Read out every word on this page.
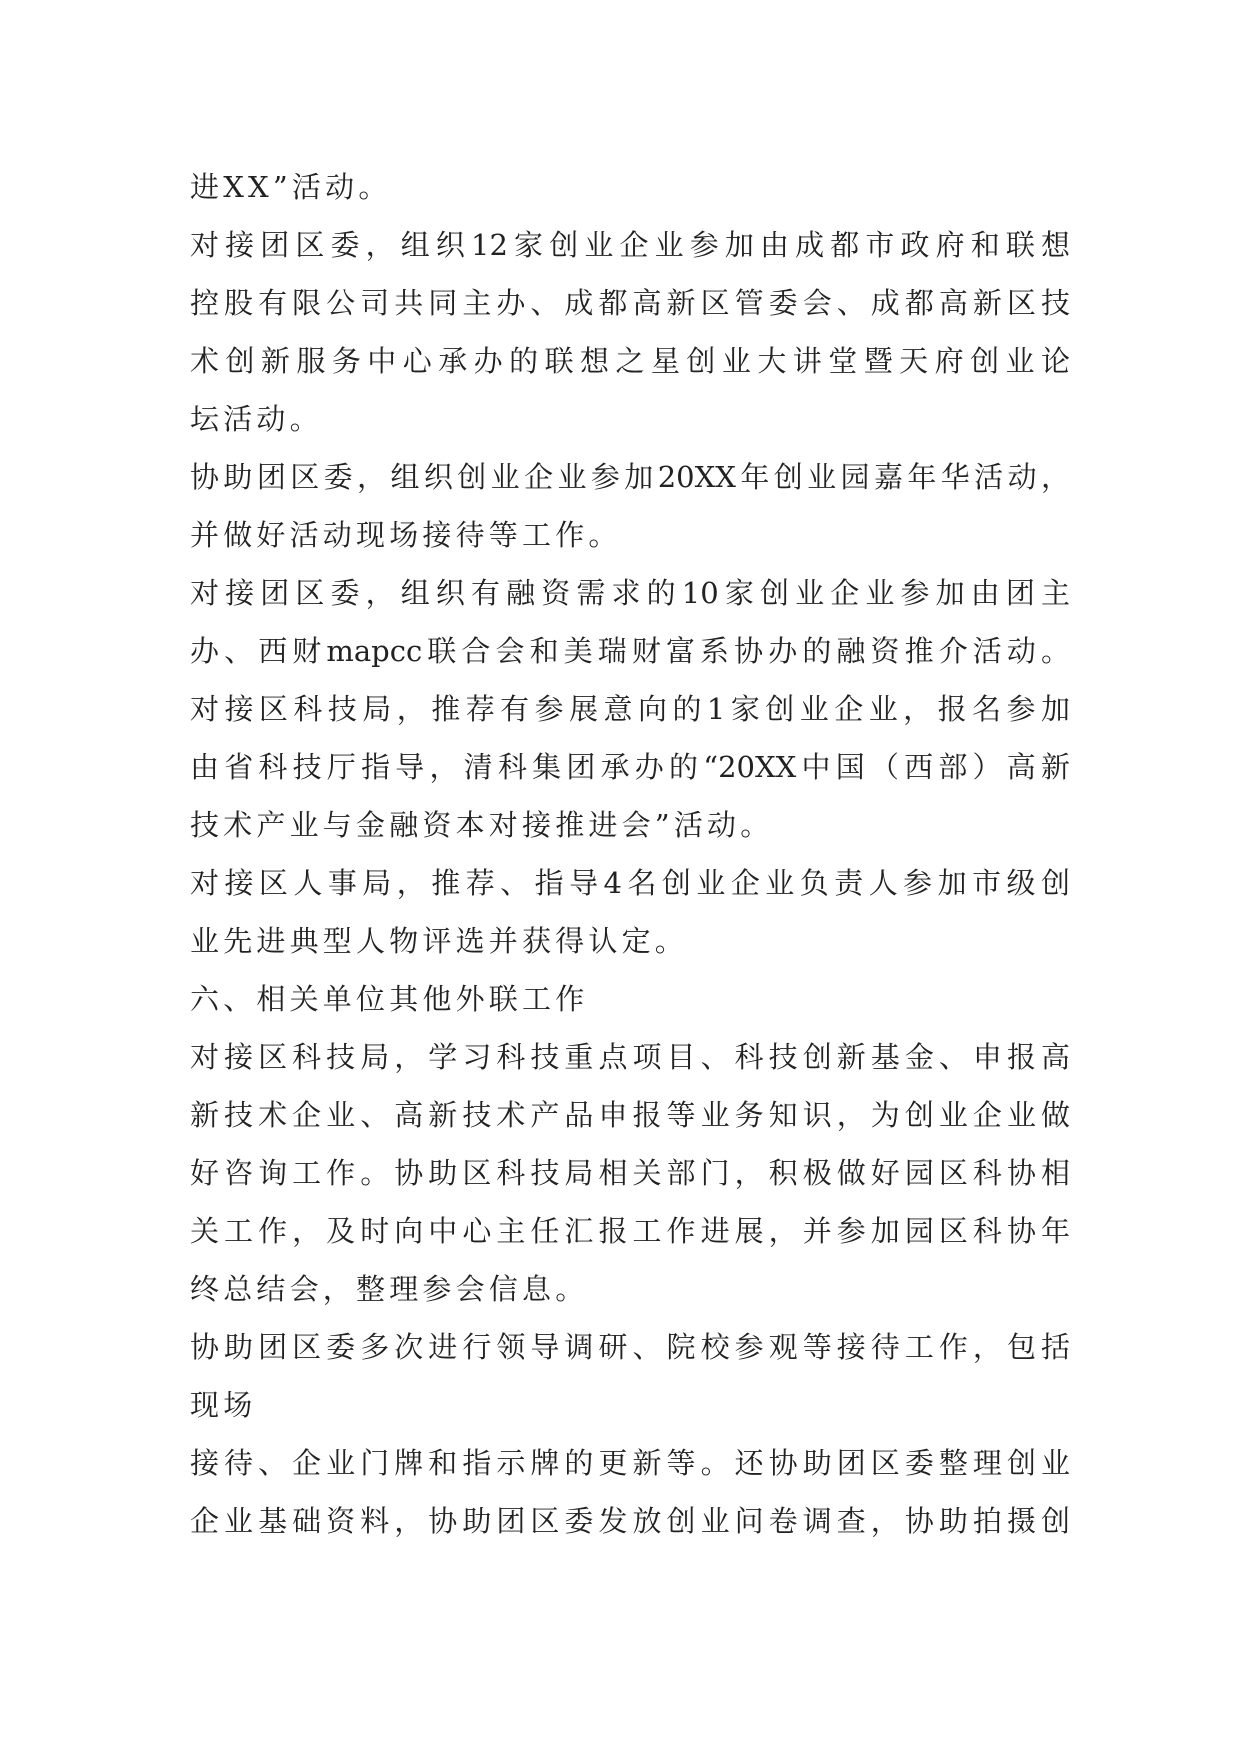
进XX”活动。
对接团区委，组织12家创业企业参加由成都市政府和联想
控股有限公司共同主办、成都高新区管委会、成都高新区技
术创新服务中心承办的联想之星创业大讲堂暨天府创业论
坛活动。
协助团区委，组织创业企业参加20XX年创业园嘉年华活动，
并做好活动现场接待等工作。
对接团区委，组织有融资需求的10家创业企业参加由团主
办、西财mapcc联合会和美瑞财富系协办的融资推介活动。
对接区科技局，推荐有参展意向的1家创业企业，报名参加
由省科技厅指导，清科集团承办的“20XX中国（西部）高新
技术产业与金融资本对接推进会”活动。
对接区人事局，推荐、指导4名创业企业负责人参加市级创
业先进典型人物评选并获得认定。
六、相关单位其他外联工作
对接区科技局，学习科技重点项目、科技创新基金、申报高
新技术企业、高新技术产品申报等业务知识，为创业企业做
好咨询工作。协助区科技局相关部门，积极做好园区科协相
关工作，及时向中心主任汇报工作进展，并参加园区科协年
终总结会，整理参会信息。
协助团区委多次进行领导调研、院校参观等接待工作，包括
现场
接待、企业门牌和指示牌的更新等。还协助团区委整理创业
企业基础资料，协助团区委发放创业问卷调查，协助拍摄创
